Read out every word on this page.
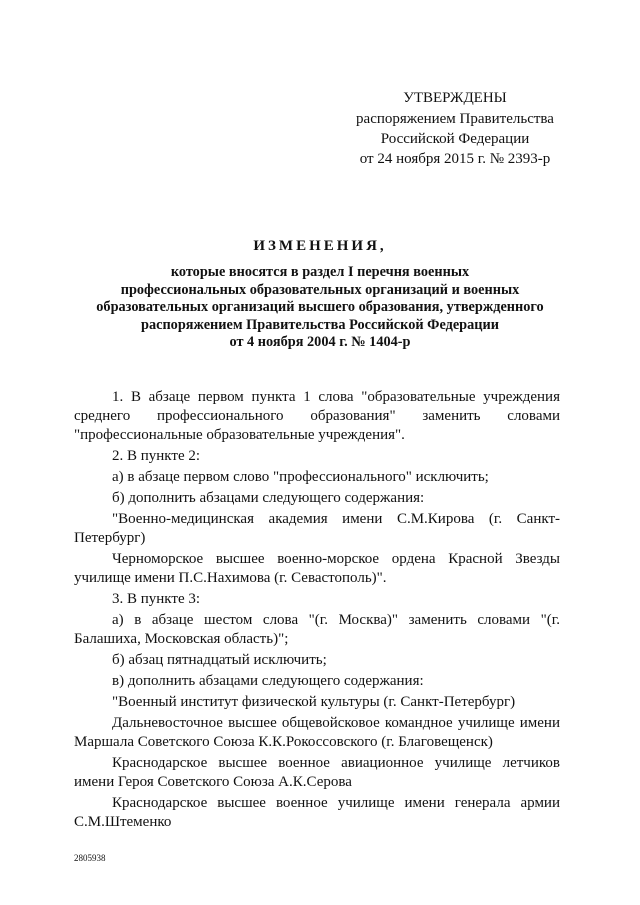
УТВЕРЖДЕНЫ
распоряжением Правительства
Российской Федерации
от 24 ноября 2015 г. № 2393-р
ИЗМЕНЕНИЯ,
которые вносятся в раздел I перечня военных
профессиональных образовательных организаций и военных
образовательных организаций высшего образования, утвержденного
распоряжением Правительства Российской Федерации
от 4 ноября 2004 г. № 1404-р

1. В абзаце первом пункта 1 слова "образовательные учреждения среднего профессионального образования" заменить словами "профессиональные образовательные учреждения".

2. В пункте 2:

а) в абзаце первом слово "профессионального" исключить;

б) дополнить абзацами следующего содержания:

"Военно-медицинская академия имени С.М.Кирова (г. Санкт-Петербург)

Черноморское высшее военно-морское ордена Красной Звезды училище имени П.С.Нахимова (г. Севастополь)".

3. В пункте 3:

а) в абзаце шестом слова "(г. Москва)" заменить словами "(г. Балашиха, Московская область)";

б) абзац пятнадцатый исключить;

в) дополнить абзацами следующего содержания:

"Военный институт физической культуры (г. Санкт-Петербург)

Дальневосточное высшее общевойсковое командное училище имени Маршала Советского Союза К.К.Рокоссовского (г. Благовещенск)

Краснодарское высшее военное авиационное училище летчиков имени Героя Советского Союза А.К.Серова

Краснодарское высшее военное училище имени генерала армии С.М.Штеменко

2805938
